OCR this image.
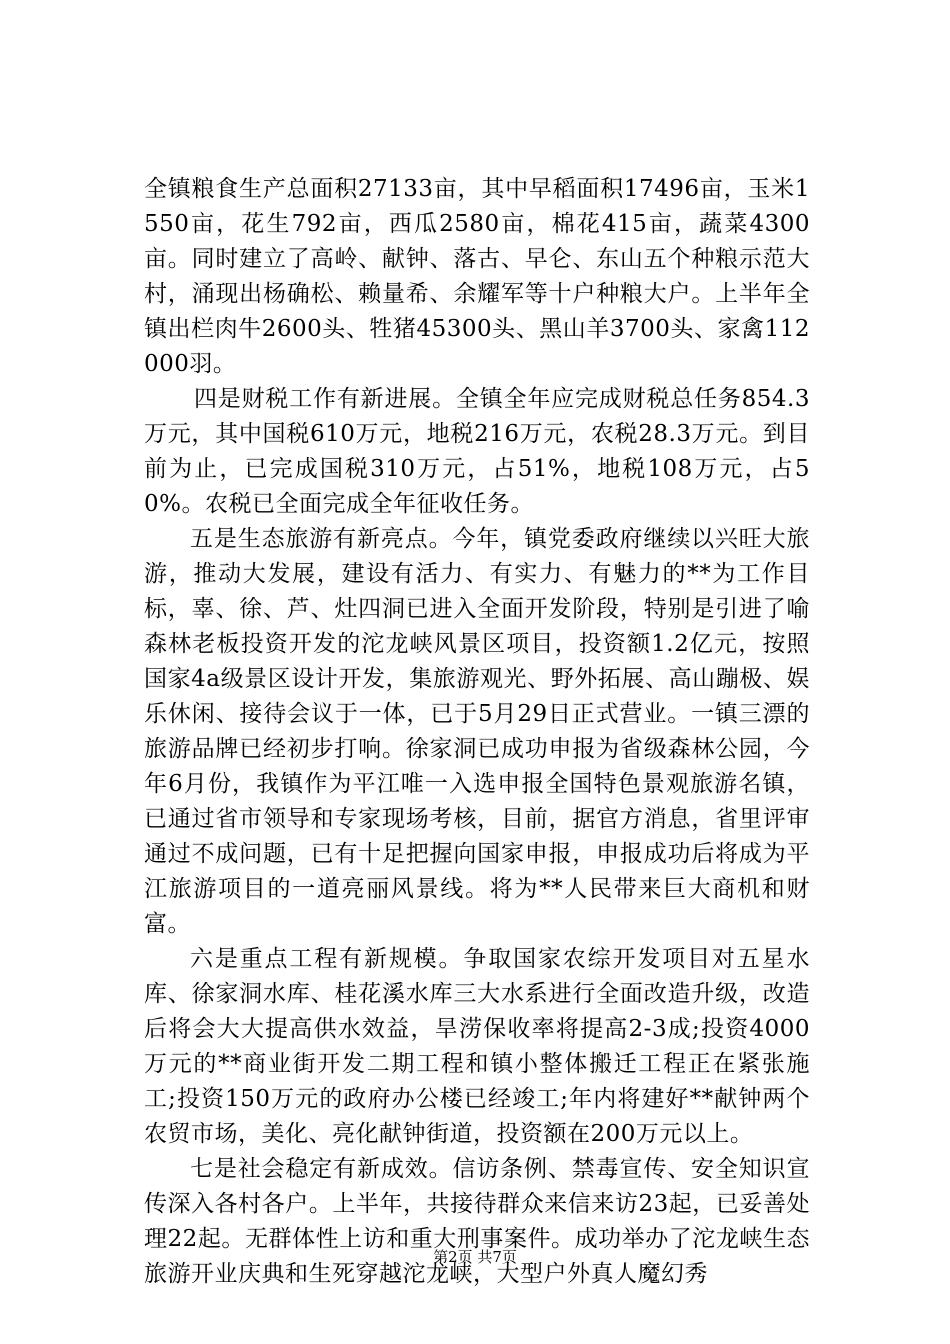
全镇粮食生产总面积27133亩，其中早稻面积17496亩，玉米1550亩，花生792亩，西瓜2580亩，棉花415亩，蔬菜4300亩。同时建立了高岭、献钟、落古、早仑、东山五个种粮示范大村，涌现出杨确松、赖量希、余耀军等十户种粮大户。上半年全镇出栏肉牛2600头、牲猪45300头、黑山羊3700头、家禽112000羽。

四是财税工作有新进展。全镇全年应完成财税总任务854.3万元，其中国税610万元，地税216万元，农税28.3万元。到目前为止，已完成国税310万元，占51%，地税108万元，占50%。农税已全面完成全年征收任务。

五是生态旅游有新亮点。今年，镇党委政府继续以兴旺大旅游，推动大发展，建设有活力、有实力、有魅力的**为工作目标，辜、徐、芦、灶四洞已进入全面开发阶段，特别是引进了喻森林老板投资开发的沱龙峡风景区项目，投资额1.2亿元，按照国家4a级景区设计开发，集旅游观光、野外拓展、高山蹦极、娱乐休闲、接待会议于一体，已于5月29日正式营业。一镇三漂的旅游品牌已经初步打响。徐家洞已成功申报为省级森林公园，今年6月份，我镇作为平江唯一入选申报全国特色景观旅游名镇，已通过省市领导和专家现场考核，目前，据官方消息，省里评审通过不成问题，已有十足把握向国家申报，申报成功后将成为平江旅游项目的一道亮丽风景线。将为**人民带来巨大商机和财富。

六是重点工程有新规模。争取国家农综开发项目对五星水库、徐家洞水库、桂花溪水库三大水系进行全面改造升级，改造后将会大大提高供水效益，旱涝保收率将提高2-3成;投资4000万元的**商业街开发二期工程和镇小整体搬迁工程正在紧张施工;投资150万元的政府办公楼已经竣工;年内将建好**献钟两个农贸市场，美化、亮化献钟街道，投资额在200万元以上。

七是社会稳定有新成效。信访条例、禁毒宣传、安全知识宣传深入各村各户。上半年，共接待群众来信来访23起，已妥善处理22起。无群体性上访和重大刑事案件。成功举办了沱龙峡生态旅游开业庆典和生死穿越沱龙峡，大型户外真人魔幻秀

第2页 共7页
